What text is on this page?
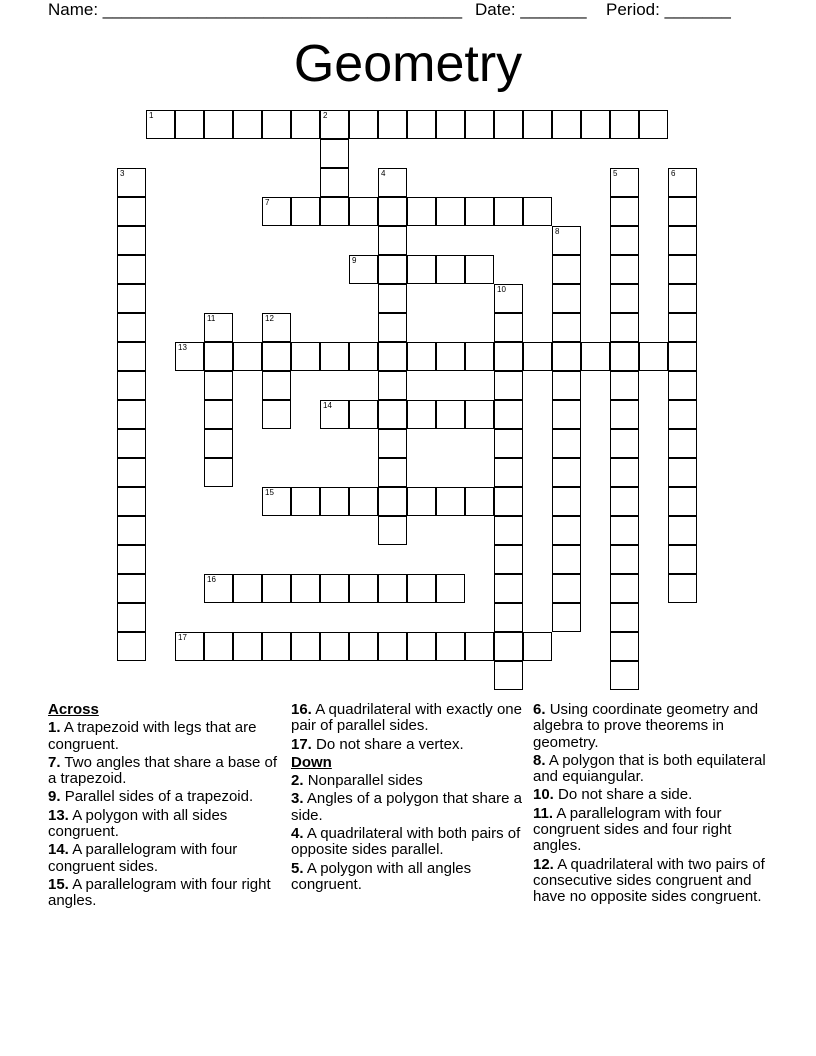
Name: ______________________________________ Date: _______ Period: _______
Geometry
1	2
3	4	5	6
7
8
9
10
11	12
13
14
15
16
17
Across

1. A trapezoid with legs that are congruent.

7. Two angles that share a base of a trapezoid.

9. Parallel sides of a trapezoid.

13. A polygon with all sides congruent.

14. A parallelogram with four congruent sides.

15. A parallelogram with four right angles.

16. A quadrilateral with exactly one pair of parallel sides.

17. Do not share a vertex.

Down

2. Nonparallel sides

3. Angles of a polygon that share a side.

4. A quadrilateral with both pairs of opposite sides parallel.

5. A polygon with all angles congruent.

6. Using coordinate geometry and algebra to prove theorems in geometry.

8. A polygon that is both equilateral and equiangular.

10. Do not share a side.

11. A parallelogram with four congruent sides and four right angles.

12. A quadrilateral with two pairs of consecutive sides congruent and have no opposite sides congruent.
